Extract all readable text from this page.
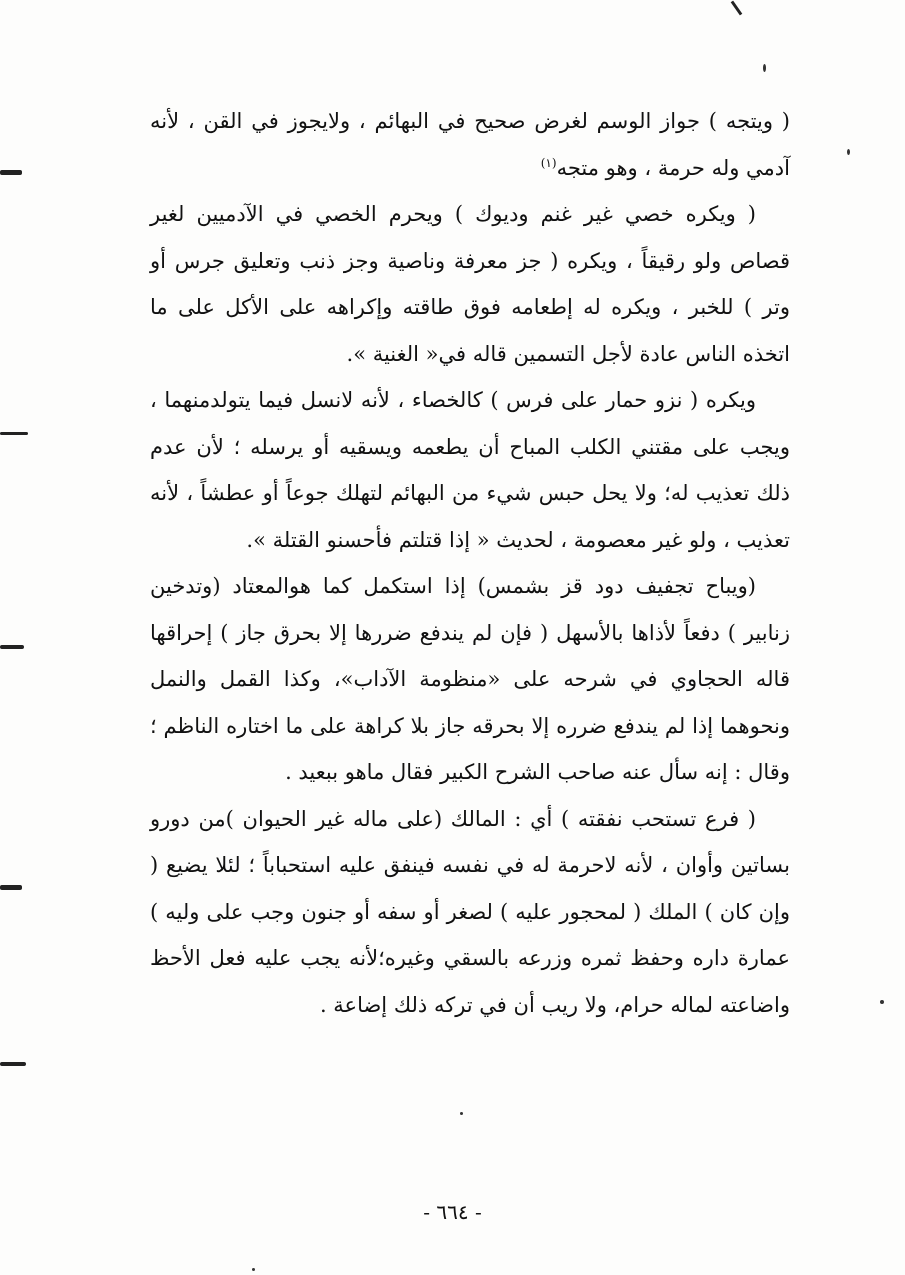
( ويتجه ) جواز الوسم لغرض صحيح في البهائم ، ولايجوز في القن ، لأنه آدمي وله حرمة ، وهو متجه$^{(١)}$

( ويكره خصي غير غنم وديوك ) ويحرم الخصي في الآدميين لغير قصاص ولو رقيقاً ، ويكره ( جز معرفة وناصية وجز ذنب وتعليق جرس أو وتر ) للخبر ، ويكره له إطعامه فوق طاقته وإكراهه على الأكل على ما اتخذه الناس عادة لأجل التسمين قاله في« الغنية ».

ويكره ( نزو حمار على فرس ) كالخصاء ، لأنه لانسل فيما يتولدمنهما ، ويجب على مقتني الكلب المباح أن يطعمه ويسقيه أو يرسله ؛ لأن عدم ذلك تعذيب له؛ ولا يحل حبس شيء من البهائم لتهلك جوعاً أو عطشاً ، لأنه تعذيب ، ولو غير معصومة ، لحديث « إذا قتلتم فأحسنو القتلة ».

(ويباح تجفيف دود قز بشمس) إذا استكمل كما هوالمعتاد (وتدخين زنابير ) دفعاً لأذاها بالأسهل ( فإن لم يندفع ضررها إلا بحرق جاز ) إحراقها قاله الحجاوي في شرحه على «منظومة الآداب»، وكذا القمل والنمل ونحوهما إذا لم يندفع ضرره إلا بحرقه جاز بلا كراهة على ما اختاره الناظم ؛ وقال : إنه سأل عنه صاحب الشرح الكبير فقال ماهو ببعيد .

( فرع تستحب نفقته ) أي : المالك (على ماله غير الحيوان )من دورو بساتين وأوان ، لأنه لاحرمة له في نفسه فينفق عليه استحباباً ؛ لئلا يضيع ( وإن كان ) الملك ( لمحجور عليه ) لصغر أو سفه أو جنون وجب على وليه ) عمارة داره وحفظ ثمره وزرعه بالسقي وغيره؛لأنه يجب عليه فعل الأحظ واضاعته لماله حرام، ولا ريب أن في تركه ذلك إضاعة .

- ٦٦٤ -
